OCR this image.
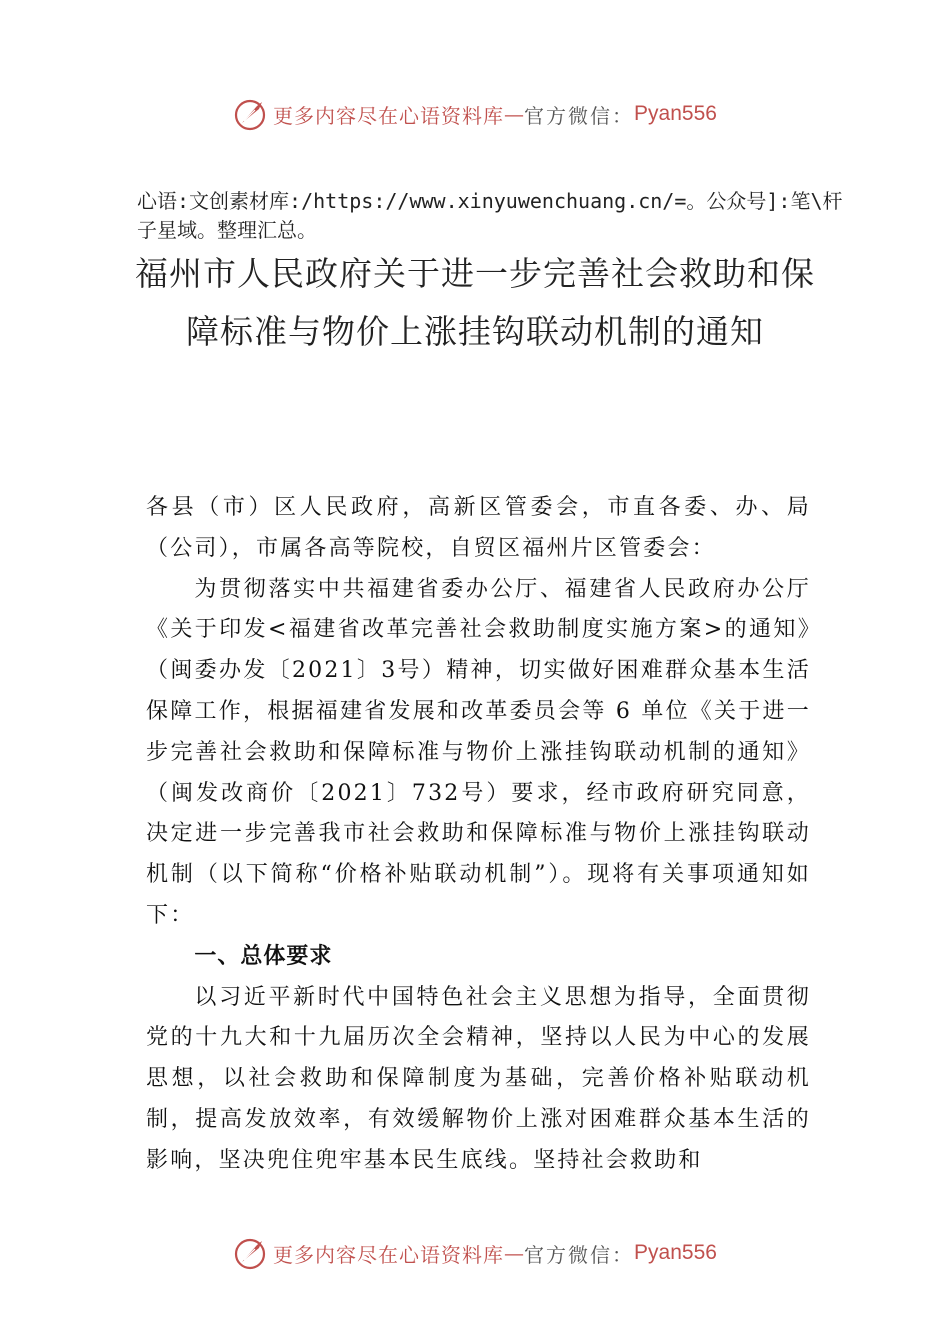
更多内容尽在心语资料库 — 官方微信： Pyan556
心语:文创素材库:/https://www.xinyuwenchuang.cn/=。公众号]:笔\杆子星域。整理汇总。
福州市人民政府关于进一步完善社会救助和保障标准与物价上涨挂钩联动机制的通知

各县（市）区人民政府，高新区管委会，市直各委、办、局（公司），市属各高等院校，自贸区福州片区管委会：

为贯彻落实中共福建省委办公厅、福建省人民政府办公厅《关于印发<福建省改革完善社会救助制度实施方案>的通知》（闽委办发〔2021〕3号）精神，切实做好困难群众基本生活保障工作，根据福建省发展和改革委员会等 6 单位《关于进一步完善社会救助和保障标准与物价上涨挂钩联动机制的通知》（闽发改商价〔2021〕732号）要求，经市政府研究同意，决定进一步完善我市社会救助和保障标准与物价上涨挂钩联动机制（以下简称“价格补贴联动机制”）。现将有关事项通知如下：

一、总体要求

以习近平新时代中国特色社会主义思想为指导，全面贯彻党的十九大和十九届历次全会精神，坚持以人民为中心的发展思想，以社会救助和保障制度为基础，完善价格补贴联动机制，提高发放效率，有效缓解物价上涨对困难群众基本生活的影响，坚决兜住兜牢基本民生底线。坚持社会救助和

更多内容尽在心语资料库 — 官方微信： Pyan556
